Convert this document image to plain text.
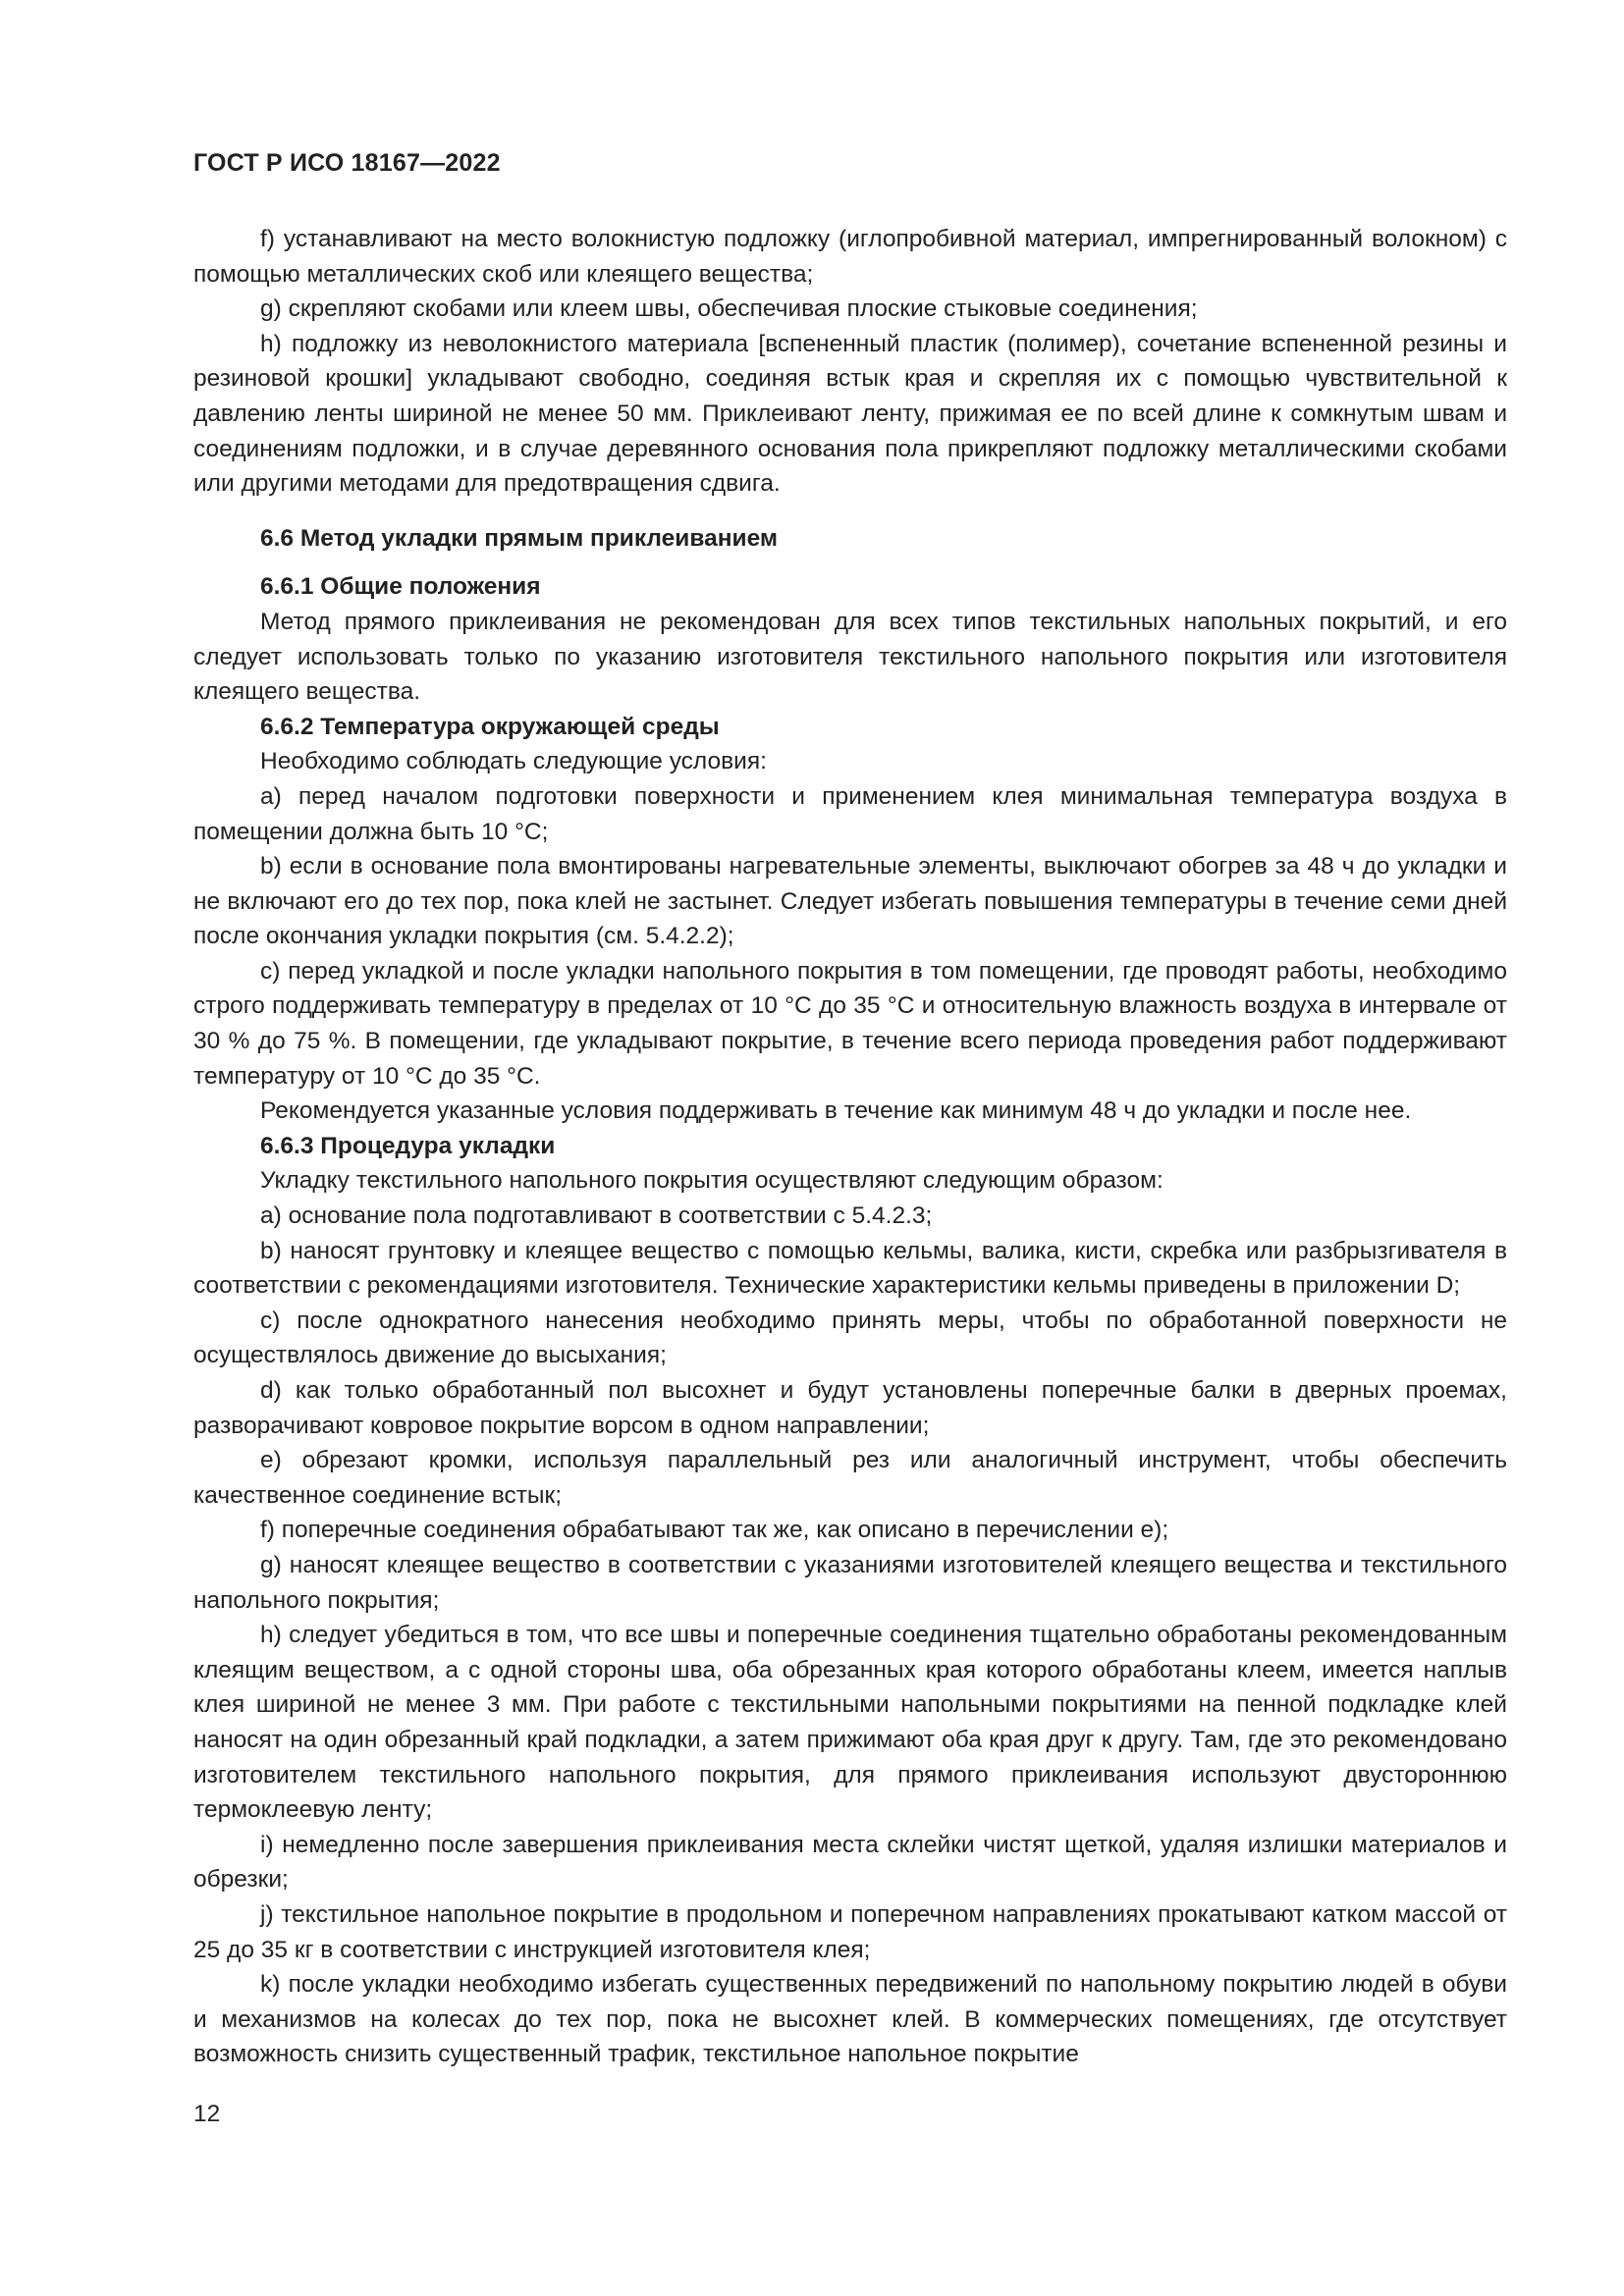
ГОСТ Р ИСО 18167—2022

f) устанавливают на место волокнистую подложку (иглопробивной материал, импрегнированный волокном) с помощью металлических скоб или клеящего вещества;

g) скрепляют скобами или клеем швы, обеспечивая плоские стыковые соединения;

h) подложку из неволокнистого материала [вспененный пластик (полимер), сочетание вспененной резины и резиновой крошки] укладывают свободно, соединяя встык края и скрепляя их с помощью чувствительной к давлению ленты шириной не менее 50 мм. Приклеивают ленту, прижимая ее по всей длине к сомкнутым швам и соединениям подложки, и в случае деревянного основания пола прикрепляют подложку металлическими скобами или другими методами для предотвращения сдвига.

6.6 Метод укладки прямым приклеиванием
6.6.1 Общие положения

Метод прямого приклеивания не рекомендован для всех типов текстильных напольных покрытий, и его следует использовать только по указанию изготовителя текстильного напольного покрытия или изготовителя клеящего вещества.

6.6.2 Температура окружающей среды

Необходимо соблюдать следующие условия:

а) перед началом подготовки поверхности и применением клея минимальная температура воздуха в помещении должна быть 10 °С;

b) если в основание пола вмонтированы нагревательные элементы, выключают обогрев за 48 ч до укладки и не включают его до тех пор, пока клей не застынет. Следует избегать повышения температуры в течение семи дней после окончания укладки покрытия (см. 5.4.2.2);

с) перед укладкой и после укладки напольного покрытия в том помещении, где проводят работы, необходимо строго поддерживать температуру в пределах от 10 °С до 35 °С и относительную влажность воздуха в интервале от 30 % до 75 %. В помещении, где укладывают покрытие, в течение всего периода проведения работ поддерживают температуру от 10 °С до 35 °С.

Рекомендуется указанные условия поддерживать в течение как минимум 48 ч до укладки и после нее.

6.6.3 Процедура укладки

Укладку текстильного напольного покрытия осуществляют следующим образом:

а) основание пола подготавливают в соответствии с 5.4.2.3;

b) наносят грунтовку и клеящее вещество с помощью кельмы, валика, кисти, скребка или разбрызгивателя в соответствии с рекомендациями изготовителя. Технические характеристики кельмы приведены в приложении D;

с) после однократного нанесения необходимо принять меры, чтобы по обработанной поверхности не осуществлялось движение до высыхания;

d) как только обработанный пол высохнет и будут установлены поперечные балки в дверных проемах, разворачивают ковровое покрытие ворсом в одном направлении;

е) обрезают кромки, используя параллельный рез или аналогичный инструмент, чтобы обеспечить качественное соединение встык;

f) поперечные соединения обрабатывают так же, как описано в перечислении е);

g) наносят клеящее вещество в соответствии с указаниями изготовителей клеящего вещества и текстильного напольного покрытия;

h) следует убедиться в том, что все швы и поперечные соединения тщательно обработаны рекомендованным клеящим веществом, а с одной стороны шва, оба обрезанных края которого обработаны клеем, имеется наплыв клея шириной не менее 3 мм. При работе с текстильными напольными покрытиями на пенной подкладке клей наносят на один обрезанный край подкладки, а затем прижимают оба края друг к другу. Там, где это рекомендовано изготовителем текстильного напольного покрытия, для прямого приклеивания используют двустороннюю термоклеевую ленту;

i) немедленно после завершения приклеивания места склейки чистят щеткой, удаляя излишки материалов и обрезки;

j) текстильное напольное покрытие в продольном и поперечном направлениях прокатывают катком массой от 25 до 35 кг в соответствии с инструкцией изготовителя клея;

k) после укладки необходимо избегать существенных передвижений по напольному покрытию людей в обуви и механизмов на колесах до тех пор, пока не высохнет клей. В коммерческих помещениях, где отсутствует возможность снизить существенный трафик, текстильное напольное покрытие

12
